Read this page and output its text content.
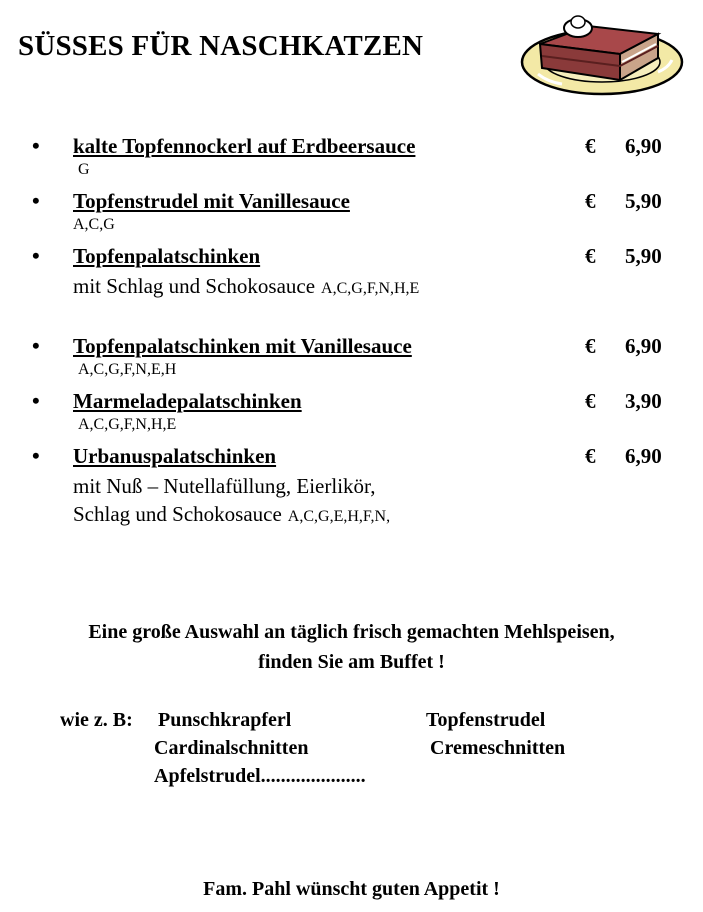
SÜSSES FÜR NASCHKATZEN
• kalte Topfennockerl auf Erdbeersauce	€ 6,90
G
• Topfenstrudel mit Vanillesauce	€ 5,90
A,C,G
• Topfenpalatschinken	€ 5,90
mit Schlag und Schokosauce A,C,G,F,N,H,E
• Topfenpalatschinken mit Vanillesauce	€ 6,90
A,C,G,F,N,E,H
• Marmeladepalatschinken	€ 3,90
A,C,G,F,N,H,E
• Urbanuspalatschinken	€ 6,90
mit Nuß – Nutellafüllung, Eierlikör,
Schlag und Schokosauce A,C,G,E,H,F,N,
Eine große Auswahl an täglich frisch gemachten Mehlspeisen,
finden Sie am Buffet !
wie z. B: Punschkrapferl
Cardinalschnitten
Apfelstrudel.....................
Topfenstrudel
Cremeschnitten
Fam. Pahl wünscht guten Appetit !
